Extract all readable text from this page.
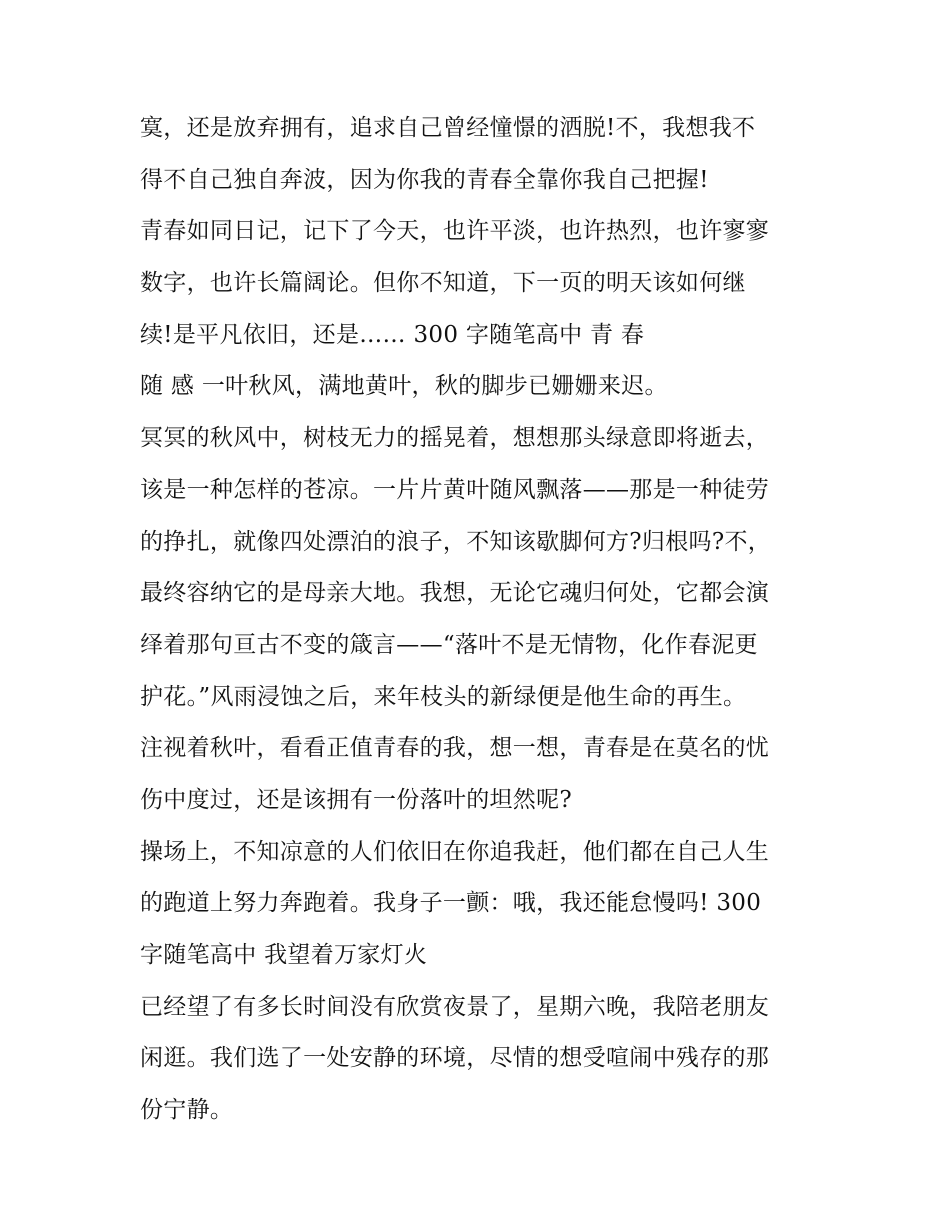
寞，还是放弃拥有，追求自己曾经憧憬的洒脱!不，我想我不
得不自己独自奔波，因为你我的青春全靠你我自己把握!
青春如同日记，记下了今天，也许平淡，也许热烈，也许寥寥
数字，也许长篇阔论。但你不知道，下一页的明天该如何继
续!是平凡依旧，还是…… 300 字随笔高中 青 春
随 感 一叶秋风，满地黄叶，秋的脚步已姗姗来迟。
冥冥的秋风中，树枝无力的摇晃着，想想那头绿意即将逝去，
该是一种怎样的苍凉。一片片黄叶随风飘落——那是一种徒劳
的挣扎，就像四处漂泊的浪子，不知该歇脚何方?归根吗?不，
最终容纳它的是母亲大地。我想，无论它魂归何处，它都会演
绎着那句亘古不变的箴言——“落叶不是无情物，化作春泥更
护花。”风雨浸蚀之后，来年枝头的新绿便是他生命的再生。
注视着秋叶，看看正值青春的我，想一想，青春是在莫名的忧
伤中度过，还是该拥有一份落叶的坦然呢?
操场上，不知凉意的人们依旧在你追我赶，他们都在自己人生
的跑道上努力奔跑着。我身子一颤：哦，我还能怠慢吗! 300
字随笔高中 我望着万家灯火
已经望了有多长时间没有欣赏夜景了，星期六晚，我陪老朋友
闲逛。我们选了一处安静的环境，尽情的想受喧闹中残存的那
份宁静。
